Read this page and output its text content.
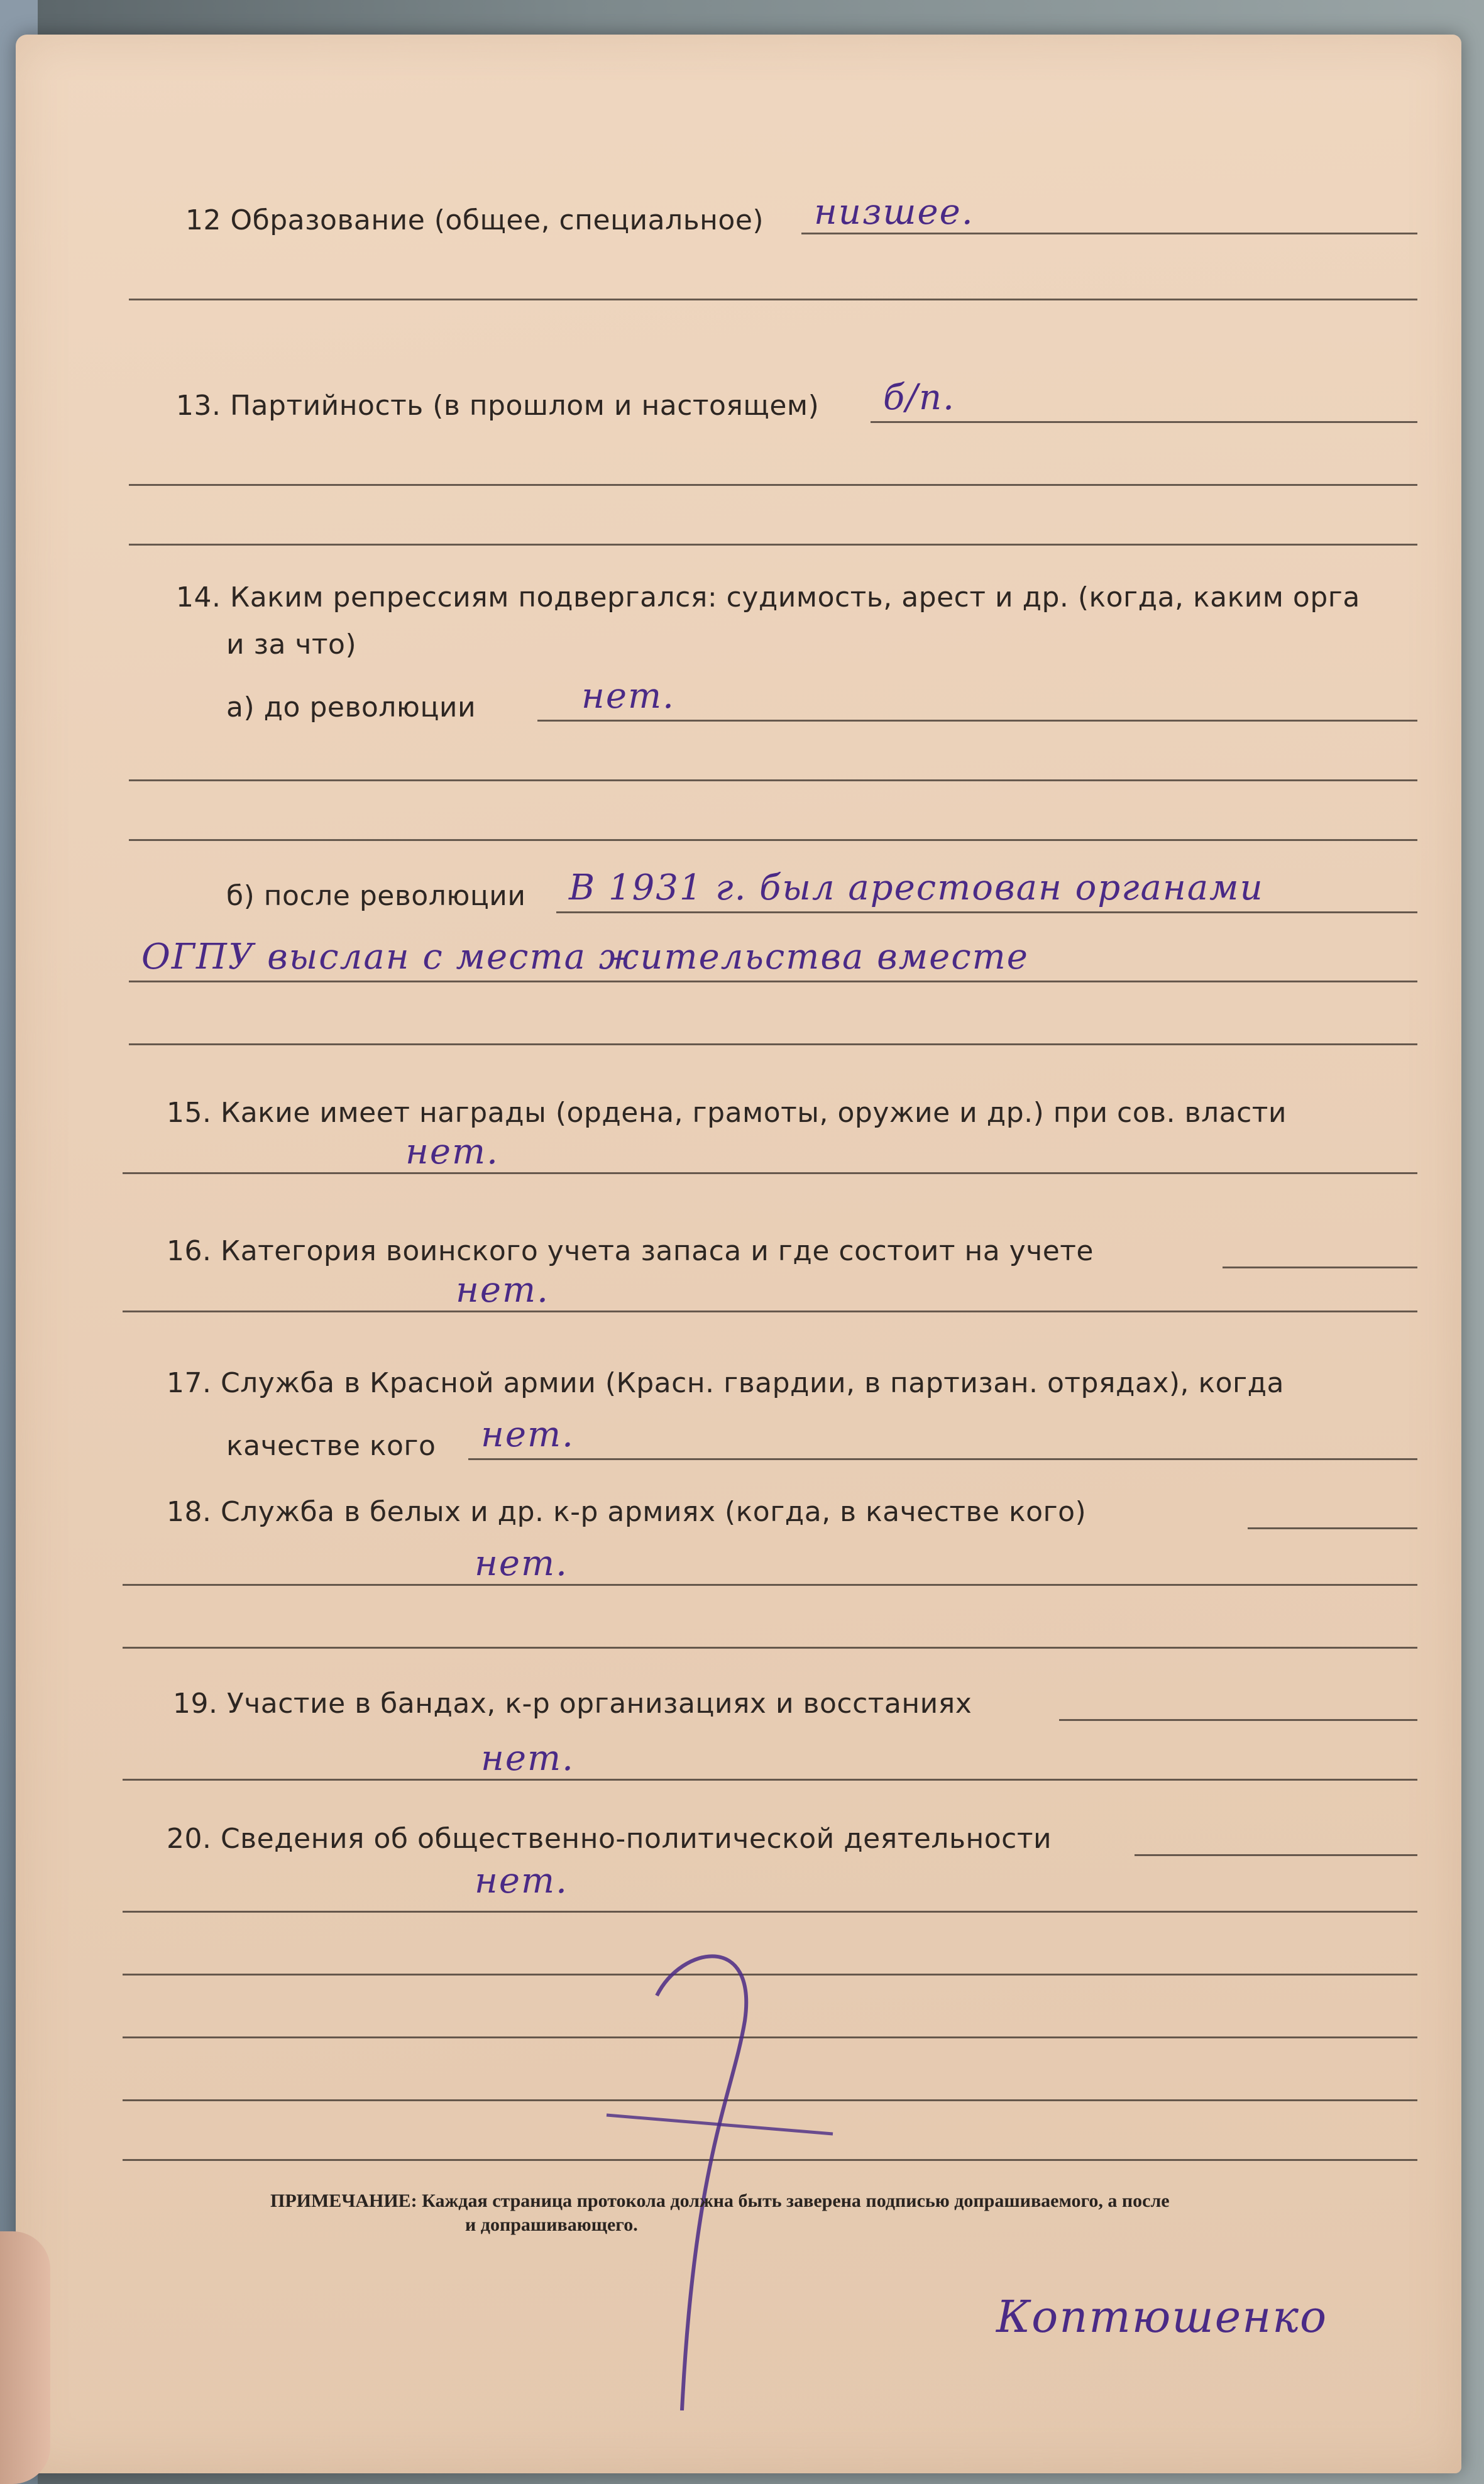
12 Образование (общее, специальное) низшее.
13. Партийность (в прошлом и настоящем) б/п.
14. Каким репрессиям подвергался: судимость, арест и др. (когда, каким орга
и за что)
а) до революции	нет.
б) после революции В 1931 г. был арестован органами
ОГПУ выслан с места жительства вместе
15. Какие имеет награды (ордена, грамоты, оружие и др.) при сов. власти
нет.
16. Категория воинского учета запаса и где состоит на учете
нет.
17. Служба в Красной армии (Красн. гвардии, в партизан. отрядах), когда
качестве кого нет.
18. Служба в белых и др. к-р армиях (когда, в качестве кого)
нет.
19. Участие в бандах, к-р организациях и восстаниях
нет.
20. Сведения об общественно-политической деятельности
нет.
ПРИМЕЧАНИЕ: Каждая страница протокола должна быть заверена подписью допрашиваемого, а после
и допрашивающего.
Коптюшенко
